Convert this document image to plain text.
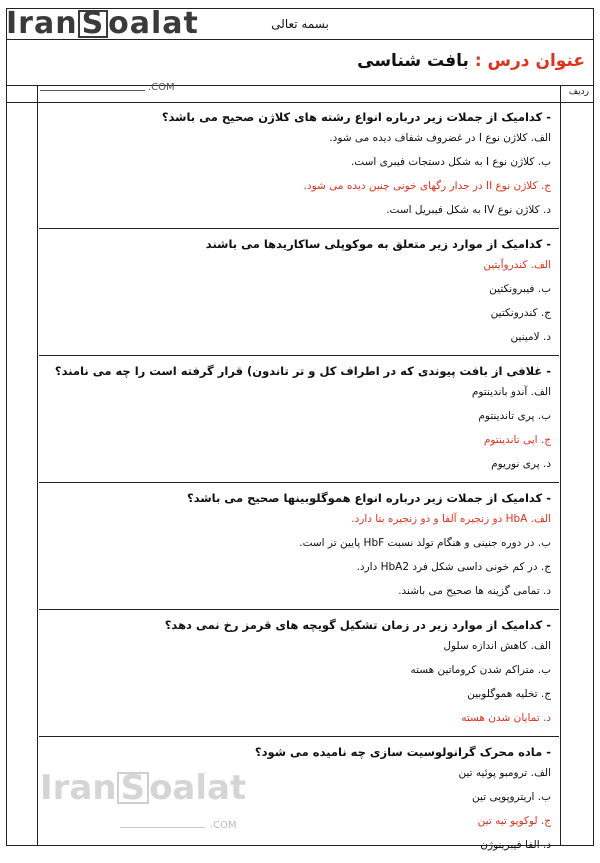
بسمه تعالی
عنوان درس : بافت شناسی
ردیف
- کدامیک از جملات زیر درباره انواع رشته های کلاژن صحیح می باشد؟
الف. کلاژن نوع I در غضروف شفاف دیده می شود.
ب. کلاژن نوع I به شکل دستجات فیبری است.
ج. کلاژن نوع II در جدار رگهای خونی چنین دیده می شود.
د. کلاژن نوع IV به شکل فیبریل است.
- کدامیک از موارد زیر متعلق به موکوپلی ساکاریدها می باشند
الف. کندروآیتین
ب. فیبرونکتین
ج. کندرونکتین
د. لامینین
- غلافی از بافت پیوندی که در اطراف کل و تر تاندون) قرار گرفته است را چه می نامند؟
الف. آندو باندینتوم
ب. پری تاندینتوم
ج. اپی تاندینتوم
د. پری نوریوم
- کدامیک از جملات زیر درباره انواع هموگلوبینها صحیح می باشد؟
الف. HbA دو زنجیره آلفا و دو زنجیره بتا دارد.
ب. در دوره جنینی و هنگام تولد نسبت HbF پایین تر است.
ج. در کم خونی داسی شکل فرد HbA2 دارد.
د. تمامی گزینه ها صحیح می باشند.
- کدامیک از موارد زیر در زمان تشکیل گویچه های قرمز رخ نمی دهد؟
الف. کاهش اندازه سلول
ب. متراکم شدن کروماتین هسته
ج. تخلیه هموگلوبین
د. تمایان شدن هسته
- ماده محرک گرانولوسیت سازی چه نامیده می شود؟
الف. ترومبو پوئیه تین
ب. اریتروپویی تین
ج. لوکوپو تیه تین
د. الفا فیبرینوژن
Iran S oalat
.COM
Iran S oalat
.COM
